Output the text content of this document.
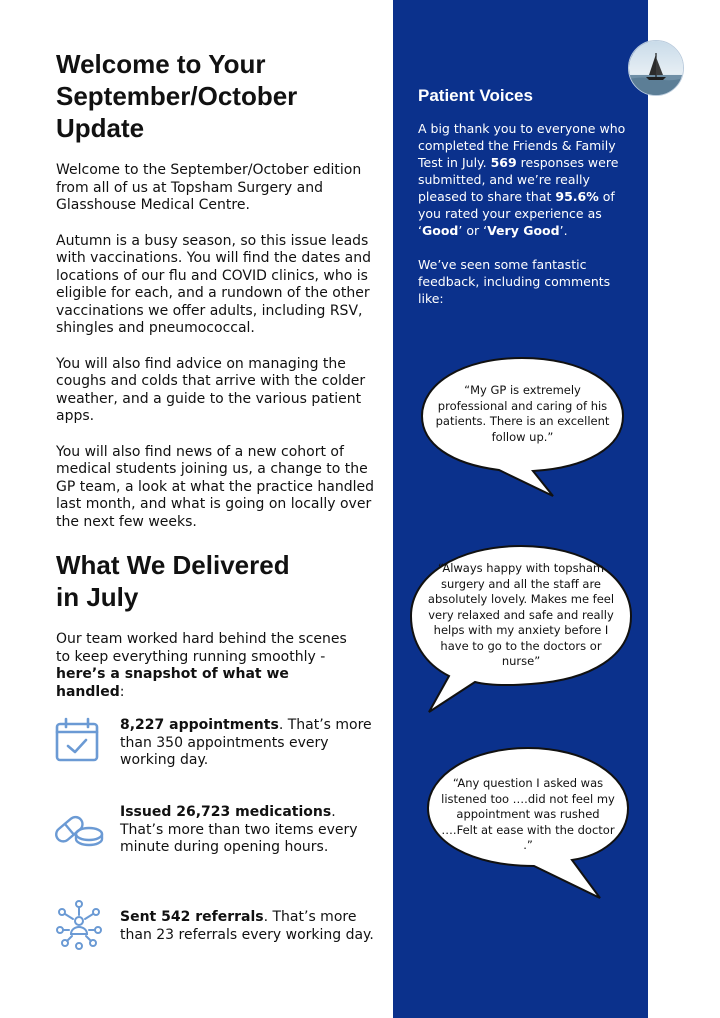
Welcome to Your September/October Update

Welcome to the September/October edition from all of us at Topsham Surgery and Glasshouse Medical Centre.

Autumn is a busy season, so this issue leads with vaccinations. You will find the dates and locations of our flu and COVID clinics, who is eligible for each, and a rundown of the other vaccinations we offer adults, including RSV, shingles and pneumococcal.

You will also find advice on managing the coughs and colds that arrive with the colder weather, and a guide to the various patient apps.

You will also find news of a new cohort of medical students joining us, a change to the GP team, a look at what the practice handled last month, and what is going on locally over the next few weeks.

What We Delivered in July

Our team worked hard behind the scenes to keep everything running smoothly - here’s a snapshot of what we handled:

8,227 appointments. That’s more than 350 appointments every working day.
Issued 26,723 medications. That’s more than two items every minute during opening hours.
Sent 542 referrals. That’s more than 23 referrals every working day.
Patient Voices

A big thank you to everyone who completed the Friends & Family Test in July. 569 responses were submitted, and we’re really pleased to share that 95.6% of you rated your experience as ‘Good’ or ‘Very Good’.

We’ve seen some fantastic feedback, including comments like:

“My GP is extremely professional and caring of his patients. There is an excellent follow up.”
“Always happy with topsham surgery and all the staff are absolutely lovely. Makes me feel very relaxed and safe and really helps with my anxiety before I have to go to the doctors or nurse”
“Any question I asked was listened too ….did not feel my appointment was rushed ….Felt at ease with the doctor .”
